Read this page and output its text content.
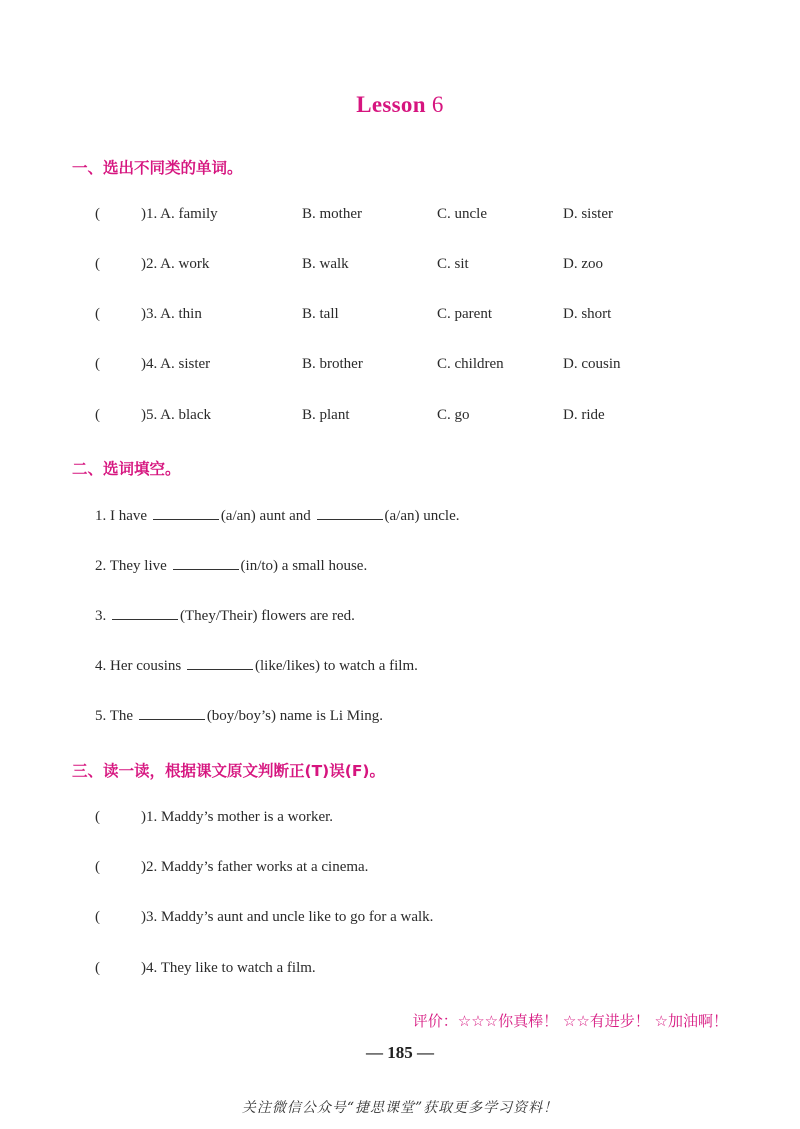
Lesson 6
一、选出不同类的单词。
(	)1. A. family	B. mother	C. uncle	D. sister
(	)2. A. work	B. walk	C. sit	D. zoo
(	)3. A. thin	B. tall	C. parent	D. short
(	)4. A. sister	B. brother	C. children	D. cousin
(	)5. A. black	B. plant	C. go	D. ride
二、选词填空。
1. I have	(a/an) aunt and	(a/an) uncle.
2. They live	(in/to) a small house.
3.	(They/Their) flowers are red.
4. Her cousins	(like/likes) to watch a film.
5. The	(boy/boy’s) name is Li Ming.
三、读一读，根据课文原文判断正(T)误(F)。
(	)1. Maddy’s mother is a worker.
(	)2. Maddy’s father works at a cinema.
(	)3. Maddy’s aunt and uncle like to go for a walk.
(	)4. They like to watch a film.
评价：☆☆☆你真棒！ ☆☆有进步！ ☆加油啊！
— 185 —
关注微信公众号“捷思课堂”获取更多学习资料！
